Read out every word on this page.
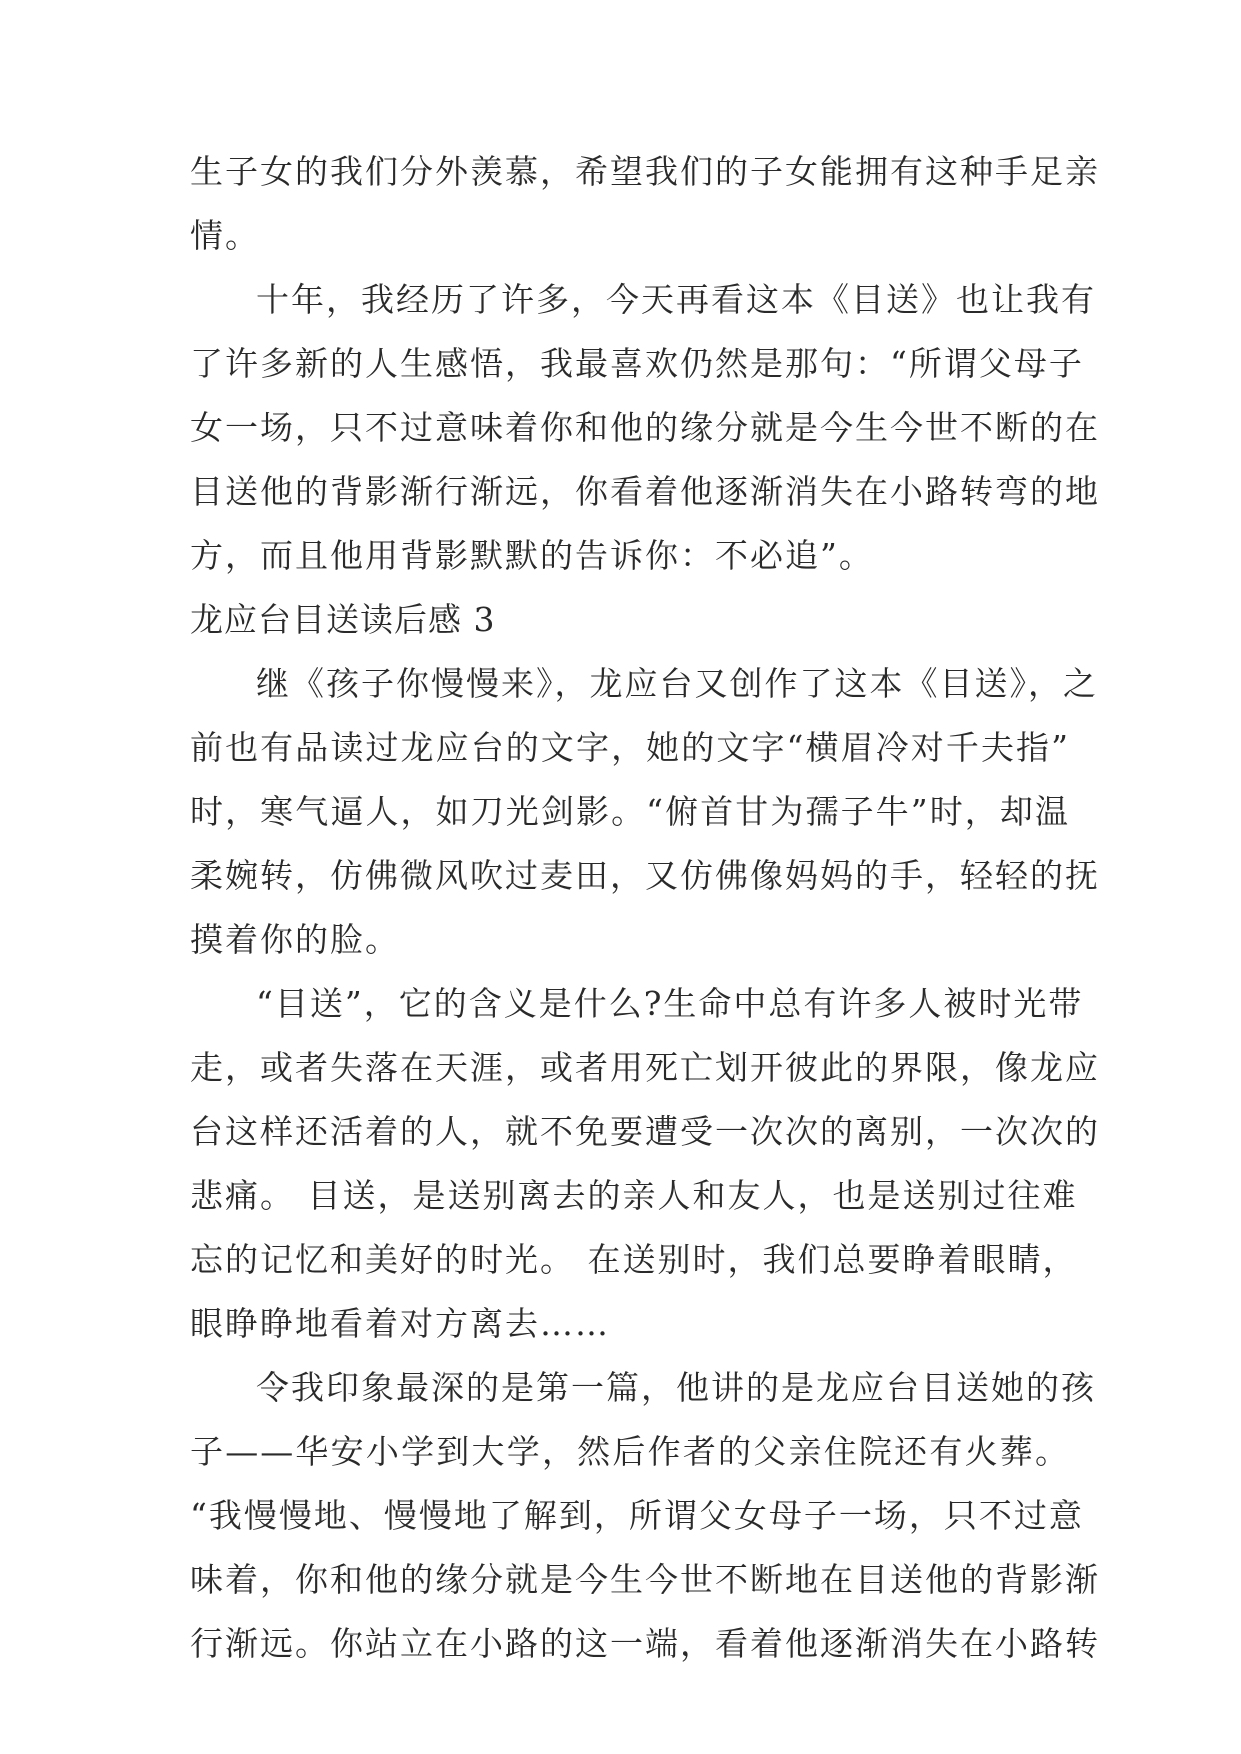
生子女的我们分外羡慕，希望我们的子女能拥有这种手足亲
情。
十年，我经历了许多，今天再看这本《目送》也让我有
了许多新的人生感悟，我最喜欢仍然是那句：“所谓父母子
女一场，只不过意味着你和他的缘分就是今生今世不断的在
目送他的背影渐行渐远，你看着他逐渐消失在小路转弯的地
方，而且他用背影默默的告诉你：不必追”。
龙应台目送读后感 3
继《孩子你慢慢来》，龙应台又创作了这本《目送》，之
前也有品读过龙应台的文字，她的文字“横眉冷对千夫指”
时，寒气逼人，如刀光剑影。“俯首甘为孺子牛”时，却温
柔婉转，仿佛微风吹过麦田，又仿佛像妈妈的手，轻轻的抚
摸着你的脸。
“目送”，它的含义是什么?生命中总有许多人被时光带
走，或者失落在天涯，或者用死亡划开彼此的界限，像龙应
台这样还活着的人，就不免要遭受一次次的离别，一次次的
悲痛。 目送，是送别离去的亲人和友人，也是送别过往难
忘的记忆和美好的时光。 在送别时，我们总要睁着眼睛，
眼睁睁地看着对方离去……
令我印象最深的是第一篇，他讲的是龙应台目送她的孩
子——华安小学到大学，然后作者的父亲住院还有火葬。
“我慢慢地、慢慢地了解到，所谓父女母子一场，只不过意
味着，你和他的缘分就是今生今世不断地在目送他的背影渐
行渐远。你站立在小路的这一端，看着他逐渐消失在小路转
